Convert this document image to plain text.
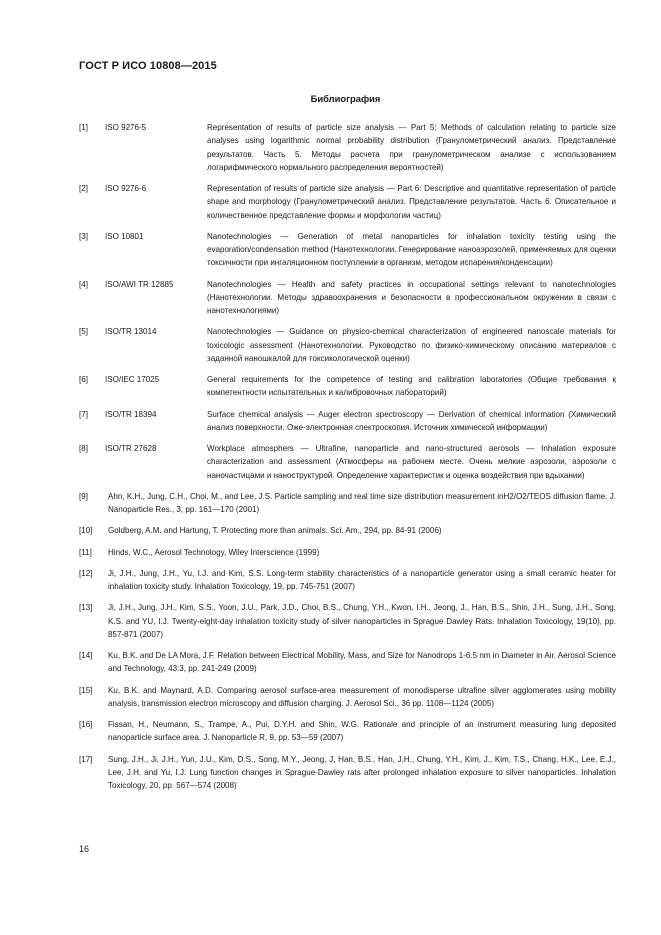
ГОСТ Р ИСО 10808—2015
Библиография
[1] ISO 9276-5	Representation of results of particle size analysis — Part 5: Methods of calculation relating to particle size analyses using logarithmic normal probability distribution (Гранулометрический анализ. Представление результатов. Часть 5. Методы расчета при гранулометрическом анализе с использованием логарифмического нормального распределения вероятностей)
[2] ISO 9276-6	Representation of results of particle size analysis — Part 6: Descriptive and quantitative representation of particle shape and morphology (Гранулометрический анализ. Представление результатов. Часть 6. Описательное и количественное представление формы и морфологии частиц)
[3] ISO 10801	Nanotechnologies — Generation of metal nanoparticles for inhalation toxicity testing using the evaporation/condensation method (Нанотехнологии. Генерирование наноаэрозолей, применяемых для оценки токсичности при ингаляционном поступлении в организм, методом испарения/конденсации)
[4] ISO/AWI TR 12885	Nanotechnologies — Health and safety practices in occupational settings relevant to nanotechnologies (Нанотехнологии. Методы здравоохранения и безопасности в профессиональном окружении в связи с нанотехнологиями)
[5] ISO/TR 13014	Nanotechnologies — Guidance on physico-chemical characterization of engineered nanoscale materials for toxicologic assessment (Нанотехнологии. Руководство по физико-химическому описанию материалов с заданной наношкалой для токсикологической оценки)
[6] ISO/IEC 17025	General requirements for the competence of testing and calibration laboratories (Общие требования к компетентности испытательных и калибровочных лабораторий)
[7] ISO/TR 18394	Surface chemical analysis — Auger electron spectroscopy — Derivation of chemical information (Химический анализ поверхности. Оже-электронная спектроскопия. Источник химической информации)
[8] ISO/TR 27628	Workplace atmosphers — Ultrafine, nanoparticle and nano-structured aerosols — Inhalation exposure characterization and assessment (Атмосферы на рабочем месте. Очень мелкие аэрозоли, аэрозоли с наночастицами и наноструктурой. Определение характеристик и оценка воздействия при вдыхании)
[9] Ahn, K.H., Jung, C.H., Choi, M., and Lee, J.S. Particle sampling and real time size distribution measurement inH2/O2/TEOS diffusion flame. J. Nanoparticle Res., 3, pp. 161—170 (2001)
[10] Goldberg, A.M. and Hartung, T. Protecting more than animals. Sci. Am., 294, pp. 84-91 (2006)
[11] Hinds, W.C., Aerosol Technology, Wiley Interscience (1999)
[12] Ji, J.H., Jung, J.H., Yu, I.J. and Kim, S.S. Long-term stability characteristics of a nanoparticle generator using a small ceramic heater for inhalation toxicity study. Inhalation Toxicology, 19, pp. 745-751 (2007)
[13] Ji, J.H., Jung, J.H., Kim, S.S., Yoon, J.U., Park, J.D., Choi, B.S., Chung, Y.H., Kwon, I.H., Jeong, J., Han, B.S., Shin, J.H., Sung, J.H., Song, K.S. and YU, I.J. Twenty-eight-day inhalation toxicity study of silver nanoparticles in Sprague Dawley Rats. Inhalation Toxicology, 19(10), pp. 857-871 (2007)
[14] Ku, B.K. and De LA Mora, J.F. Relation between Electrical Mobility, Mass, and Size for Nanodrops 1-6.5 nm in Diameter in Air. Aerosol Science and Technology, 43:3, pp. 241-249 (2009)
[15] Ku, B.K. and Maynard, A.D. Comparing aerosol surface-area measurement of monodisperse ultrafine silver agglomerates using mobility analysis, transmission electron microscopy and diffusion charging. J. Aerosol Sci., 36 pp. 1108—1124 (2005)
[16] Fissan, H., Neumann, S., Trampe, A., Pui, D.Y.H. and Shin, W.G. Rationale and principle of an instrument measuring lung deposited nanoparticle surface area. J. Nanoparticle R, 9, pp. 53—59 (2007)
[17] Sung, J.H., Ji, J.H., Yun, J.U., Kim, D.S., Song, M.Y., Jeong, J, Han, B.S., Han, J.H., Chung, Y.H., Kim, J., Kim, T.S., Chang, H.K., Lee, E.J., Lee, J.H. and Yu, I.J. Lung function changes in Sprague-Dawley rats after prolonged inhalation exposure to silver nanoparticles. Inhalation Toxicology, 20, pp. 567—574 (2008)
16
